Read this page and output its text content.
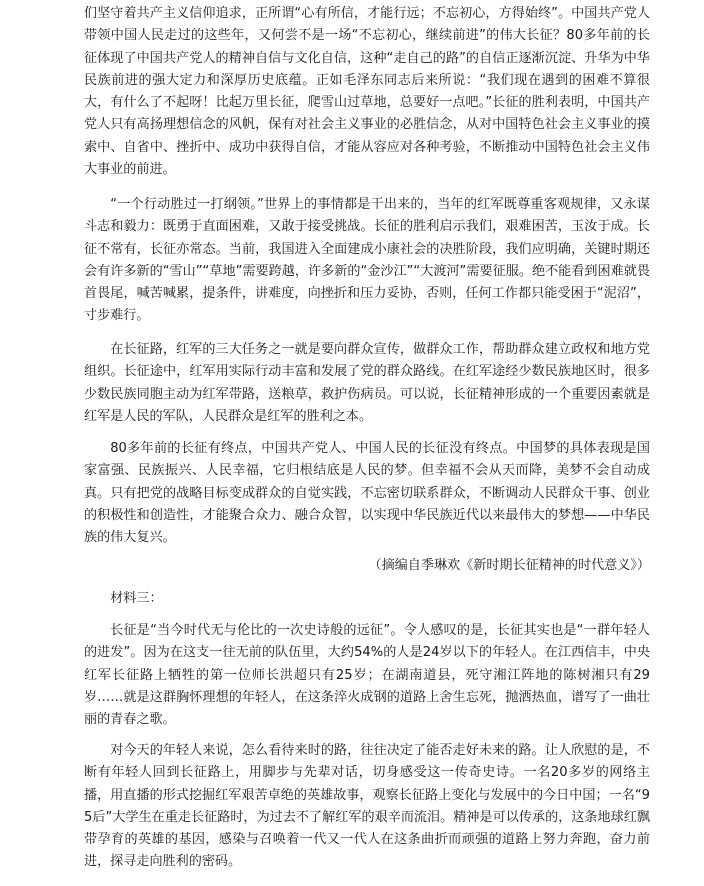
们坚守着共产主义信仰追求，正所谓“心有所信，才能行远；不忘初心，方得始终”。中国共产党人带领中国人民走过的这些年，又何尝不是一场“不忘初心，继续前进”的伟大长征？80多年前的长征体现了中国共产党人的精神自信与文化自信，这种“走自己的路”的自信正逐渐沉淀、升华为中华民族前进的强大定力和深厚历史底蕴。正如毛泽东同志后来所说：“我们现在遇到的困难不算很大，有什么了不起呀！比起万里长征，爬雪山过草地，总要好一点吧。”长征的胜利表明，中国共产党人只有高扬理想信念的风帆，保有对社会主义事业的必胜信念，从对中国特色社会主义事业的摸索中、自省中、挫折中、成功中获得自信，才能从容应对各种考验，不断推动中国特色社会主义伟大事业的前进。

“一个行动胜过一打纲领。”世界上的事情都是干出来的，当年的红军既尊重客观规律，又永谋斗志和毅力：既勇于直面困难，又敢于接受挑战。长征的胜利启示我们，艰难困苦，玉汝于成。长征不常有，长征亦常态。当前，我国进入全面建成小康社会的决胜阶段，我们应明确，关键时期还会有许多新的“雪山”“草地”需要跨越，许多新的“金沙江”“大渡河”需要征服。绝不能看到困难就畏首畏尾，喊苦喊累，提条件，讲难度，向挫折和压力妥协，否则，任何工作都只能受困于“泥沼”，寸步难行。

在长征路，红军的三大任务之一就是要向群众宣传，做群众工作，帮助群众建立政权和地方党组织。长征途中，红军用实际行动丰富和发展了党的群众路线。在红军途经少数民族地区时，很多少数民族同胞主动为红军带路，送粮草，救护伤病员。可以说，长征精神形成的一个重要因素就是红军是人民的军队，人民群众是红军的胜利之本。

80多年前的长征有终点，中国共产党人、中国人民的长征没有终点。中国梦的具体表现是国家富强、民族振兴、人民幸福，它归根结底是人民的梦。但幸福不会从天而降，美梦不会自动成真。只有把党的战略目标变成群众的自觉实践，不忘密切联系群众，不断调动人民群众干事、创业的积极性和创造性，才能聚合众力、融合众智，以实现中华民族近代以来最伟大的梦想——中华民族的伟大复兴。

（摘编自季琳欢《新时期长征精神的时代意义》）

材料三：

长征是“当今时代无与伦比的一次史诗般的远征”。令人感叹的是，长征其实也是“一群年轻人的进发”。因为在这支一往无前的队伍里，大约54%的人是24岁以下的年轻人。在江西信丰，中央红军长征路上牺牲的第一位师长洪超只有25岁；在湖南道县，死守湘江阵地的陈树湘只有29岁……就是这群胸怀理想的年轻人，在这条淬火成钢的道路上舍生忘死，抛洒热血，谱写了一曲壮丽的青春之歌。

对今天的年轻人来说，怎么看待来时的路，往往决定了能否走好未来的路。让人欣慰的是，不断有年轻人回到长征路上，用脚步与先辈对话，切身感受这一传奇史诗。一名20多岁的网络主播，用直播的形式挖掘红军艰苦卓绝的英雄故事，观察长征路上变化与发展中的今日中国；一名“95后”大学生在重走长征路时，为过去不了解红军的艰辛而流泪。精神是可以传承的，这条地球红飘带孕育的英雄的基因，感染与召唤着一代又一代人在这条曲折而顽强的道路上努力奔跑，奋力前进，探寻走向胜利的密码。
